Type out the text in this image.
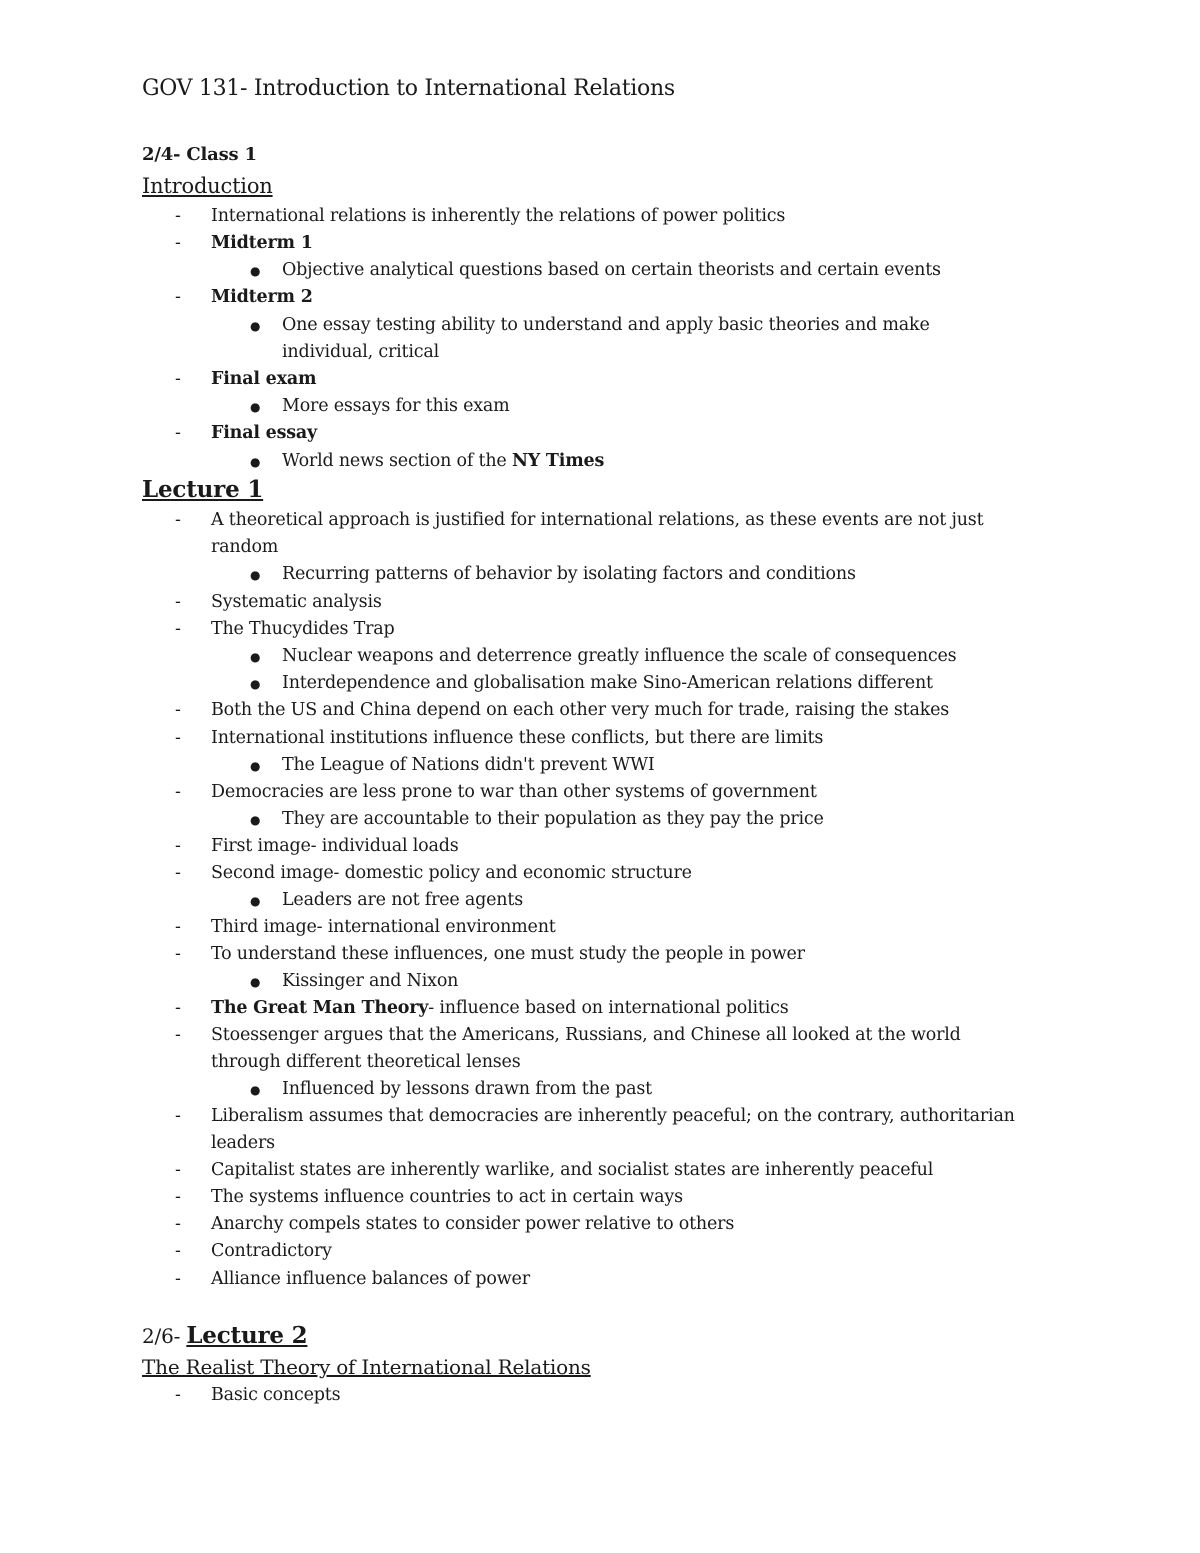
GOV 131- Introduction to International Relations
2/4- Class 1
Introduction
- International relations is inherently the relations of power politics
- Midterm 1
● Objective analytical questions based on certain theorists and certain events
- Midterm 2
● One essay testing ability to understand and apply basic theories and make
individual, critical
- Final exam
● More essays for this exam
- Final essay
● World news section of the NY Times
Lecture 1
- A theoretical approach is justified for international relations, as these events are not just
random
● Recurring patterns of behavior by isolating factors and conditions
- Systematic analysis
- The Thucydides Trap
● Nuclear weapons and deterrence greatly influence the scale of consequences
● Interdependence and globalisation make Sino-American relations different
- Both the US and China depend on each other very much for trade, raising the stakes
- International institutions influence these conflicts, but there are limits
● The League of Nations didn't prevent WWI
- Democracies are less prone to war than other systems of government
● They are accountable to their population as they pay the price
- First image- individual loads
- Second image- domestic policy and economic structure
● Leaders are not free agents
- Third image- international environment
- To understand these influences, one must study the people in power
● Kissinger and Nixon
- The Great Man Theory- influence based on international politics
- Stoessenger argues that the Americans, Russians, and Chinese all looked at the world
through different theoretical lenses
● Influenced by lessons drawn from the past
- Liberalism assumes that democracies are inherently peaceful; on the contrary, authoritarian
leaders
- Capitalist states are inherently warlike, and socialist states are inherently peaceful
- The systems influence countries to act in certain ways
- Anarchy compels states to consider power relative to others
- Contradictory
- Alliance influence balances of power
2/6- Lecture 2
The Realist Theory of International Relations
- Basic concepts
